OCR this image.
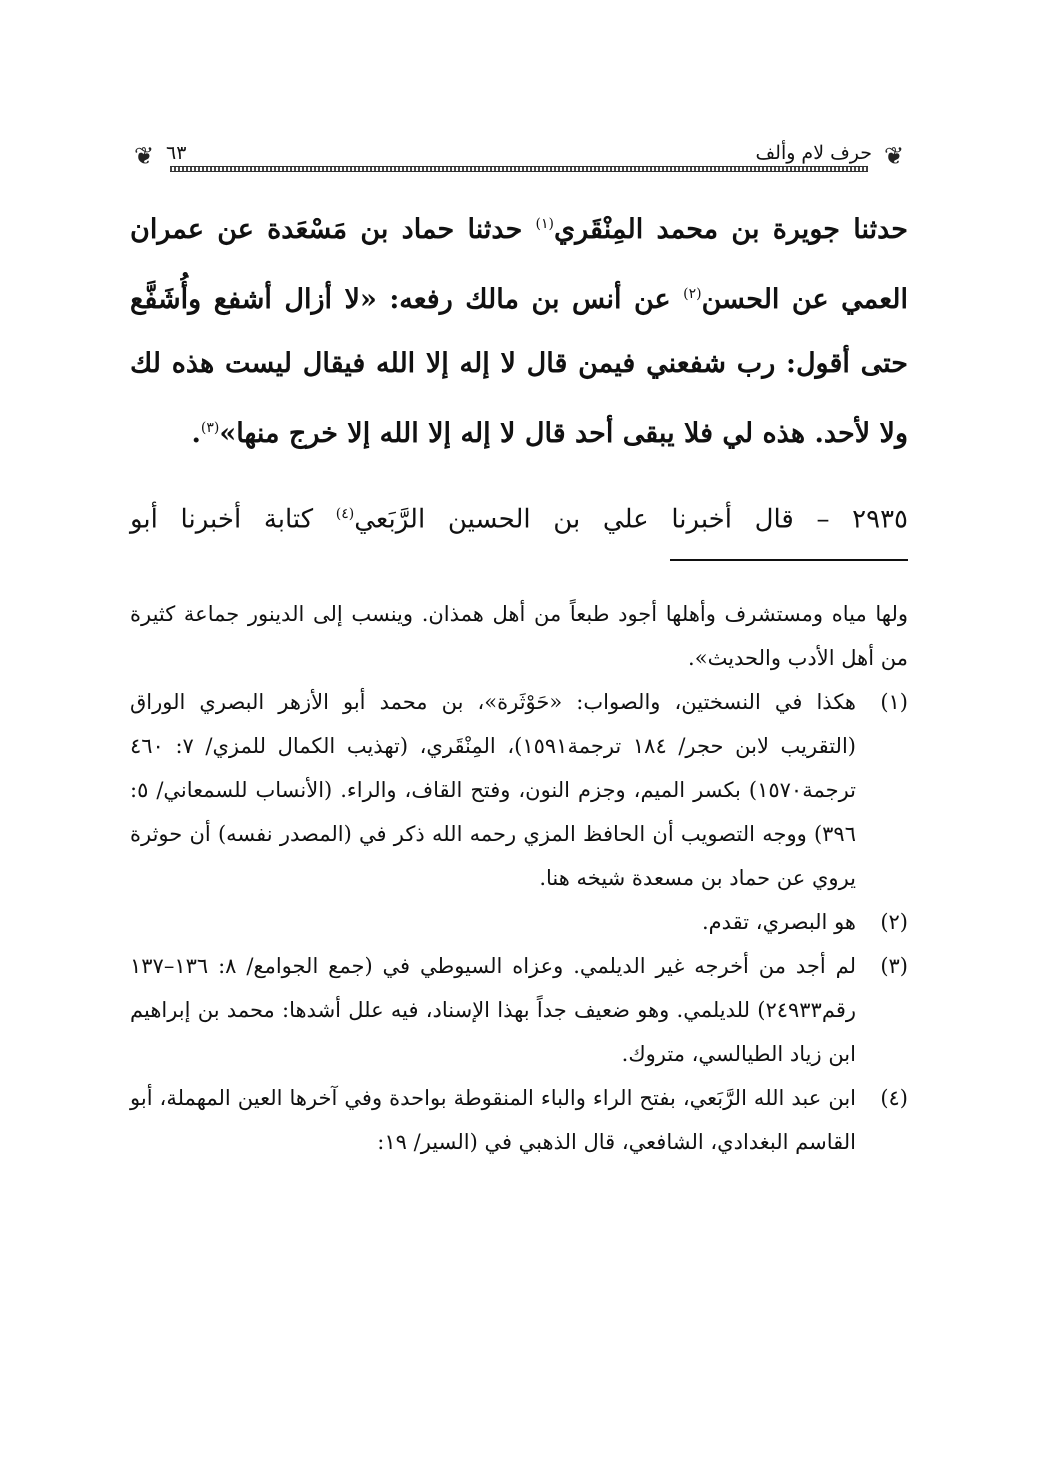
❦
❦	حرف لام وألف
٦٣

حدثنا جويرة بن محمد المِنْقَري$^{(١)}$ حدثنا حماد بن مَسْعَدة عن عمران العمي عن الحسن$^{(٢)}$ عن أنس بن مالك رفعه: «لا أزال أشفع وأُشَفَّع حتى أقول: رب شفعني فيمن قال لا إله إلا الله فيقال ليست هذه لك ولا لأحد. هذه لي فلا يبقى أحد قال لا إله إلا الله إلا خرج منها»$^{(٣)}$.

٢٩٣٥ – قال أخبرنا علي بن الحسين الرَّبَعي$^{(٤)}$ كتابة أخبرنا أبو

ولها مياه ومستشرف وأهلها أجود طبعاً من أهل همذان. وينسب إلى الدينور جماعة كثيرة من أهل الأدب والحديث».

(١)
هكذا في النسختين، والصواب: «حَوْثَرة»، بن محمد أبو الأزهر البصري الوراق (التقريب لابن حجر/ ١٨٤ ترجمة١٥٩١)، المِنْقَري، (تهذيب الكمال للمزي/ ٧: ٤٦٠ ترجمة١٥٧٠) بكسر الميم، وجزم النون، وفتح القاف، والراء. (الأنساب للسمعاني/ ٥: ٣٩٦) ووجه التصويب أن الحافظ المزي رحمه الله ذكر في (المصدر نفسه) أن حوثرة يروي عن حماد بن مسعدة شيخه هنا.
(٢)
هو البصري، تقدم.
(٣)
لم أجد من أخرجه غير الديلمي. وعزاه السيوطي في (جمع الجوامع/ ٨: ١٣٦–١٣٧ رقم٢٤٩٣٣) للديلمي. وهو ضعيف جداً بهذا الإسناد، فيه علل أشدها: محمد بن إبراهيم ابن زياد الطيالسي، متروك.
(٤)
ابن عبد الله الرَّبَعي، بفتح الراء والباء المنقوطة بواحدة وفي آخرها العين المهملة، أبو القاسم البغدادي، الشافعي، قال الذهبي في (السير/ ١٩:
